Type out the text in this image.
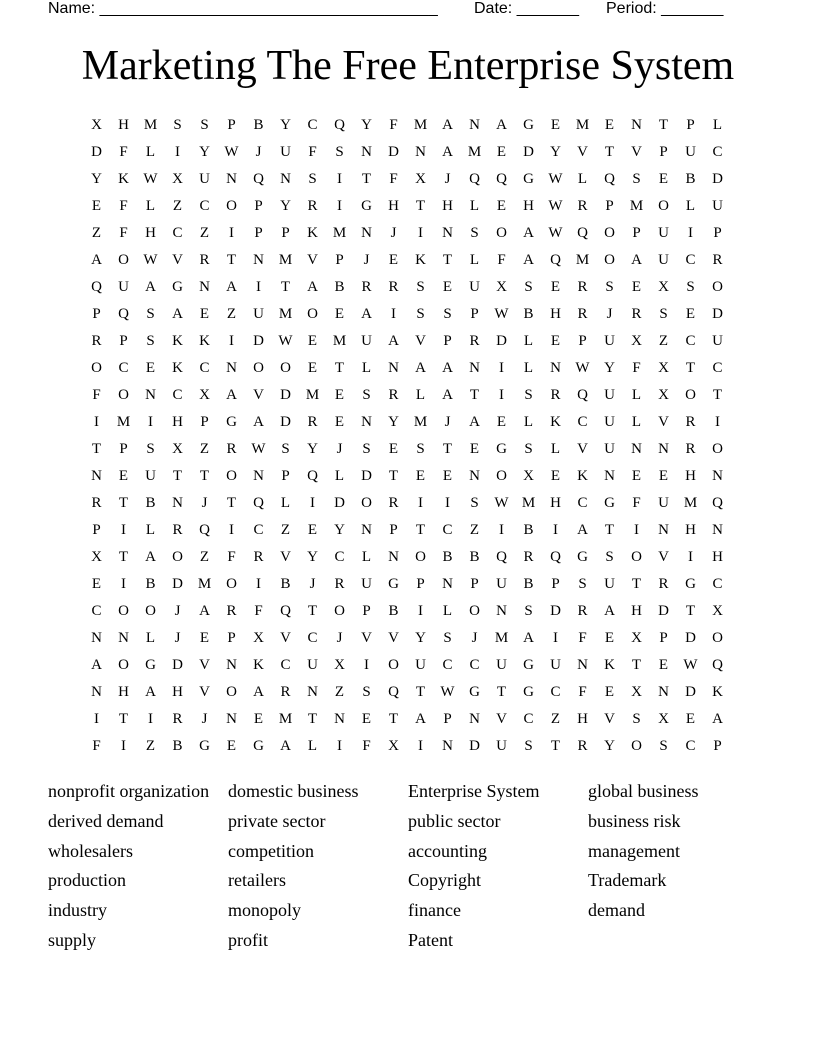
Name: ______________________________________ Date: _______ Period: _______
Marketing The Free Enterprise System
X	H M	S	S	P	B	Y	C	Q	Y	F	M A	N	A	G	E	M	E	N	T	P	L
D	F	L	I	Y W	J	U	F	S	N	D	N	A M	E	D	Y	V	T	V	P	U	C
Y	K W X	U	N	Q	N	S	I	T	F	X	J	Q	Q	G W	L	Q	S	E	B	D
E	F	L	Z	C	O	P	Y	R	I	G	H	T	H	L	E	H W R	P	M O	L	U
Z	F	H	C	Z	I	P	P	K M N	J	I	N	S	O	A W Q	O	P	U	I	P
A	O W V	R	T	N M V	P	J	E	K	T	L	F	A	Q M O	A	U	C	R
Q	U	A	G	N	A	I	T	A	B	R	R	S	E	U	X	S	E	R	S	E	X	S	O
P	Q	S	A	E	Z	U M O	E	A	I	S	S	P	W B	H	R	J	R	S	E	D
R	P	S	K	K	I	D W	E	M U	A	V	P	R	D	L	E	P	U	X	Z	C	U
O	C	E	K	C	N	O	O	E	T	L	N	A	A	N	I	L	N W Y	F	X	T	C
F	O	N	C	X	A	V	D M	E	S	R	L	A	T	I	S	R	Q	U	L	X	O	T
I	M	I	H	P	G	A	D	R	E	N	Y M	J	A	E	L	K	C	U	L	V	R	I
T	P	S	X	Z	R W	S	Y	J	S	E	S	T	E	G	S	L	V	U	N	N	R	O
N	E	U	T	T	O	N	P	Q	L	D	T	E	E	N	O	X	E	K	N	E	E	H	N
R	T	B	N	J	T	Q	L	I	D	O	R	I	I	S	W M H	C	G	F	U M Q
P	I	L	R	Q	I	C	Z	E	Y	N	P	T	C	Z	I	B	I	A	T	I	N	H	N
X	T	A	O	Z	F	R	V	Y	C	L	N	O	B	B	Q	R	Q	G	S	O	V	I	H
E	I	B	D M O	I	B	J	R	U	G	P	N	P	U	B	P	S	U	T	R	G	C
C	O	O	J	A	R	F	Q	T	O	P	B	I	L	O	N	S	D	R	A	H	D	T	X
N	N	L	J	E	P	X	V	C	J	V	V	Y	S	J	M A	I	F	E	X	P	D	O
A	O	G	D	V	N	K	C	U	X	I	O	U	C	C	U	G	U	N	K	T	E	W Q
N	H	A	H	V	O	A	R	N	Z	S	Q	T	W G	T	G	C	F	E	X	N	D	K
I	T	I	R	J	N	E	M	T	N	E	T	A	P	N	V	C	Z	H	V	S	X	E	A
F	I	Z	B	G	E	G	A	L	I	F	X	I	N	D	U	S	T	R	Y	O	S	C	P
nonprofit organization	domestic business	Enterprise System	global business
derived demand	private sector	public sector	business risk
wholesalers	competition	accounting	management
production	retailers	Copyright	Trademark
industry	monopoly	finance	demand
supply	profit	Patent
